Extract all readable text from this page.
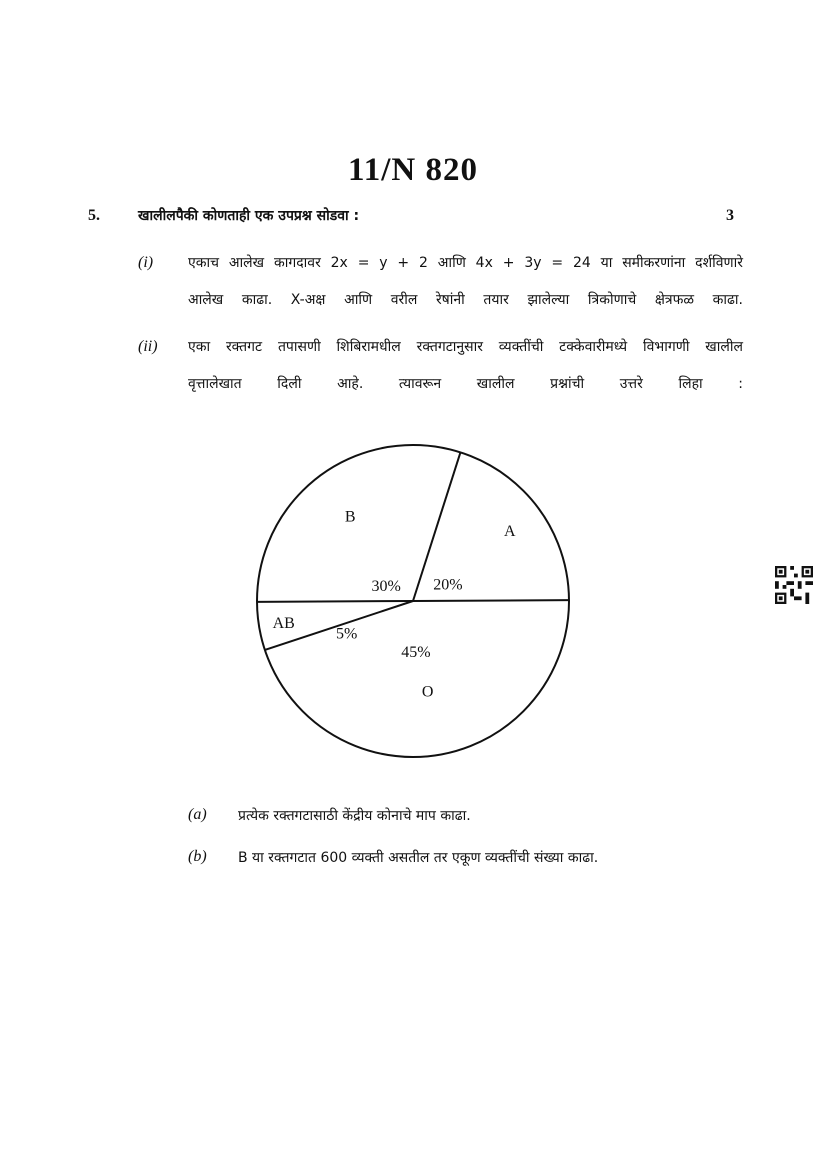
11/N 820
5.	खालीलपैकी कोणताही एक उपप्रश्न सोडवा :	3
(i) एकाच आलेख कागदावर 2x = y + 2 आणि 4x + 3y = 24 या समीकरणांना दर्शविणारे
आलेख काढा. X-अक्ष आणि वरील रेषांनी तयार झालेल्या त्रिकोणाचे क्षेत्रफळ काढा.
(ii) एका रक्तगट तपासणी शिबिरामधील रक्तगटानुसार व्यक्तींची टक्केवारीमध्ये विभागणी खालील
वृत्तालेखात दिली आहे. त्यावरून खालील प्रश्नांची उत्तरे लिहा :
O
45%
AB
5%
B
30%
A
20%
(a) प्रत्येक रक्तगटासाठी केंद्रीय कोनाचे माप काढा.
(b) B या रक्तगटात 600 व्यक्ती असतील तर एकूण व्यक्तींची संख्या काढा.
